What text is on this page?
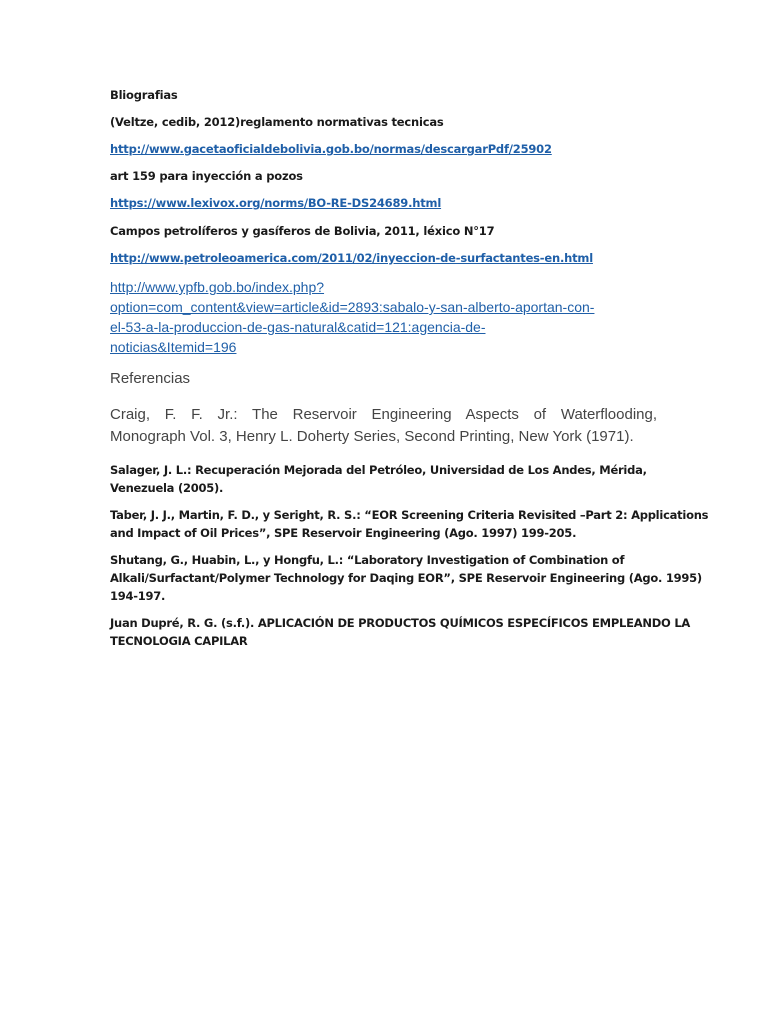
Bliografias

(Veltze, cedib, 2012)reglamento normativas tecnicas

http://www.gacetaoficialdebolivia.gob.bo/normas/descargarPdf/25902

art 159 para inyección a pozos

https://www.lexivox.org/norms/BO-RE-DS24689.html

Campos petrolíferos y gasíferos de Bolivia, 2011, léxico N°17

http://www.petroleoamerica.com/2011/02/inyeccion-de-surfactantes-en.html

http://www.ypfb.gob.bo/index.php?
option=com_content&view=article&id=2893:sabalo-y-san-alberto-aportan-con-
el-53-a-la-produccion-de-gas-natural&catid=121:agencia-de-
noticias&Itemid=196

Referencias

Craig, F. F. Jr.: The Reservoir Engineering Aspects of Waterflooding,
Monograph Vol. 3, Henry L. Doherty Series, Second Printing, New York (1971).
Salager, J. L.: Recuperación Mejorada del Petróleo, Universidad de Los Andes, Mérida,
Venezuela (2005).
Taber, J. J., Martin, F. D., y Seright, R. S.: “EOR Screening Criteria Revisited –Part 2: Applications
and Impact of Oil Prices”, SPE Reservoir Engineering (Ago. 1997) 199-205.
Shutang, G., Huabin, L., y Hongfu, L.: “Laboratory Investigation of Combination of
Alkali/Surfactant/Polymer Technology for Daqing EOR”, SPE Reservoir Engineering (Ago. 1995)
194-197.
Juan Dupré, R. G. (s.f.). APLICACIÓN DE PRODUCTOS QUÍMICOS ESPECÍFICOS EMPLEANDO LA
TECNOLOGIA CAPILAR
